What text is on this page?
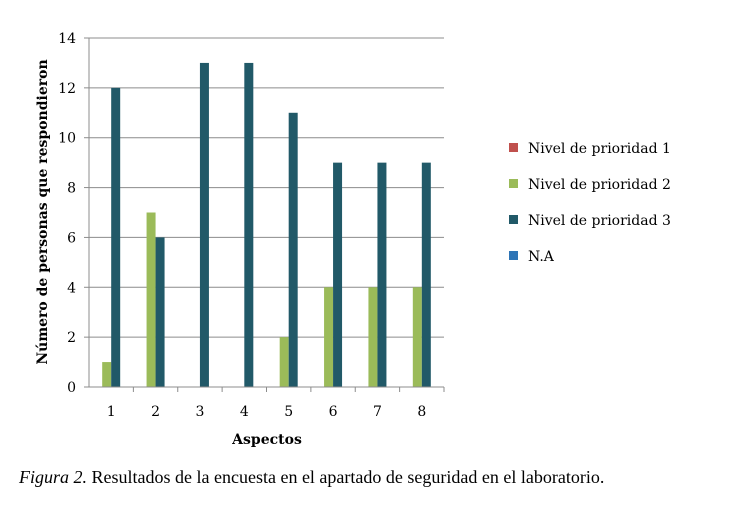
0
2
4
6
8
10
12
14
1	2	3	4	5	6	7	8
Número de personas que respondieron
Aspectos
Nivel de prioridad 1
Nivel de prioridad 2
Nivel de prioridad 3
N.A
Figura 2. Resultados de la encuesta en el apartado de seguridad en el laboratorio.
